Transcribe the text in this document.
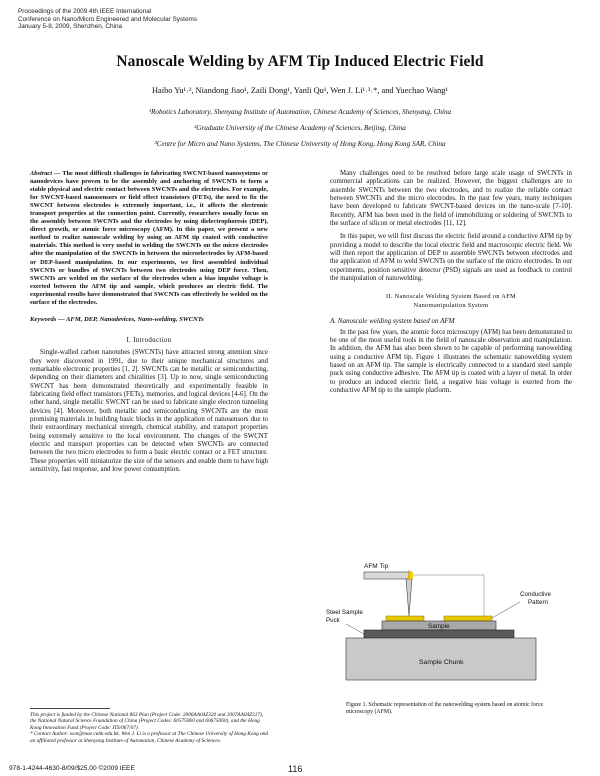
Proceedings of the 2009 4th IEEE International
Conference on Nano/Micro Engineered and Molecular Systems
January 5-8, 2009, Shenzhen, China
Nanoscale Welding by AFM Tip Induced Electric Field
Haibo Yu¹˒², Niandong Jiao¹, Zaili Dong¹, Yanli Qu¹, Wen J. Li¹˒³˒*, and Yuechao Wang¹
¹Robotics Laboratory, Shenyang Institute of Automation, Chinese Academy of Sciences, Shenyang, China
²Graduate University of the Chinese Academy of Sciences, Beijing, China
³Centre for Micro and Nano Systems, The Chinese University of Hong Kong, Hong Kong SAR, China

Abstract — The most difficult challenges in fabricating SWCNT-based nanosystems or nanodevices have proven to be the assembly and anchoring of SWCNTs to form a stable physical and electric contact between SWCNTs and the electrodes. For example, for SWCNT-based nanosensors or field effect transistors (FETs), the need to fix the SWCNT between electrodes is extremely important, i.e., it affects the electronic transport properties at the connection point. Currently, researchers usually focus on the assembly between SWCNTs and the electrodes by using dielectrophoresis (DEP), direct growth, or atomic force microscopy (AFM). In this paper, we present a new method to realize nanoscale welding by using an AFM tip coated with conductive materials. This method is very useful in welding the SWCNTs on the micro electrodes after the manipulation of the SWCNTs in between the microelectrodes by AFM-based or DEP-based manipulation. In our experiments, we first assembled individual SWCNTs or bundles of SWCNTs between two electrodes using DEP force. Then, SWCNTs are welded on the surface of the electrodes when a bias impulse voltage is exerted between the AFM tip and sample, which produces an electric field. The experimental results have demonstrated that SWCNTs can effectively be welded on the surface of the electrodes.

Keywords — AFM, DEP, Nanodevices, Nano-welding, SWCNTs

I. Introduction

Single-walled carbon nanotubes (SWCNTs) have attracted strong attention since they were discovered in 1991, due to their unique mechanical structures and remarkable electronic properties [1, 2]. SWCNTs can be metallic or semiconducting, depending on their diameters and chiralities [3]. Up to now, single semiconducting SWCNT has been demonstrated theoretically and experimentally feasible in fabricating field effect transistors (FETs), memories, and logical devices [4-6]. On the other hand, single metallic SWCNT can be used to fabricate single electron tunneling devices [4]. Moreover, both metallic and semiconducting SWCNTs are the most promising materials in building basic blocks in the application of nanosensors due to their extraordinary mechanical strength, chemical stability, and transport properties being extremely sensitive to the local environment. The changes of the SWCNT electric and transport properties can be detected when SWCNTs are connected between the two micro electrodes to form a basic electric contact or a FET structure. These properties will miniaturize the size of the sensors and enable them to have high sensitivity, fast response, and low power consumption.

This project is funded by the Chinese National 863 Plan (Project Code: 2006AA04Z320 and 2007AA04Z317), the National Natural Science Foundation of China (Project Codes: 60575060 and 60675060), and the Hong Kong Innovation Fund (Project Code: ITS/067/07).
* Contact Author: wen@mae.cuhk.edu.hk. Wen J. Li is a professor at The Chinese University of Hong Kong and an affiliated professor at Shenyang Institute of Automation, Chinese Academy of Sciences.

Many challenges need to be resolved before large scale usage of SWCNTs in commercial applications can be realized. However, the biggest challenges are to assemble SWCNTs between the two electrodes, and to realize the reliable contact between SWCNTs and the micro electrodes. In the past few years, many techniques have been developed to fabricate SWCNT-based devices on the nano-scale [7-10]. Recently, AFM has been used in the field of immobilizing or soldering of SWCNTs to the surface of silicon or metal electrodes [11, 12].

In this paper, we will first discuss the electric field around a conductive AFM tip by providing a model to describe the local electric field and macroscopic electric field. We will then report the application of DEP to assemble SWCNTs between electrodes and the application of AFM to weld SWCNTs on the surface of the micro electrodes. In our experiments, position sensitive detector (PSD) signals are used as feedback to control the manipulation of nanowelding.

II. Nanoscale Welding System Based on AFM

Nanomanipulation System

A. Nanoscale welding system based on AFM

In the past few years, the atomic force microscopy (AFM) has been demonstrated to be one of the most useful tools in the field of nanoscale observation and manipulation. In addition, the AFM has also been shown to be capable of performing nanowelding using a conductive AFM tip. Figure 1 illustrates the schematic nanowelding system based on an AFM tip. The sample is electrically connected to a standard steel sample puck using conductive adhesive. The AFM tip is coated with a layer of metal. In order to produce an induced electric field, a negative bias voltage is exerted from the conductive AFM tip to the sample platform.

AFM Tip
Conductive
Pattern
Sample
Steel Sample
Puck
Sample Chunk
Figure 1. Schematic representation of the nanowelding system based on atomic force microscopy (AFM).
978-1-4244-4630-8/09/$25.00 ©2009 IEEE	116
